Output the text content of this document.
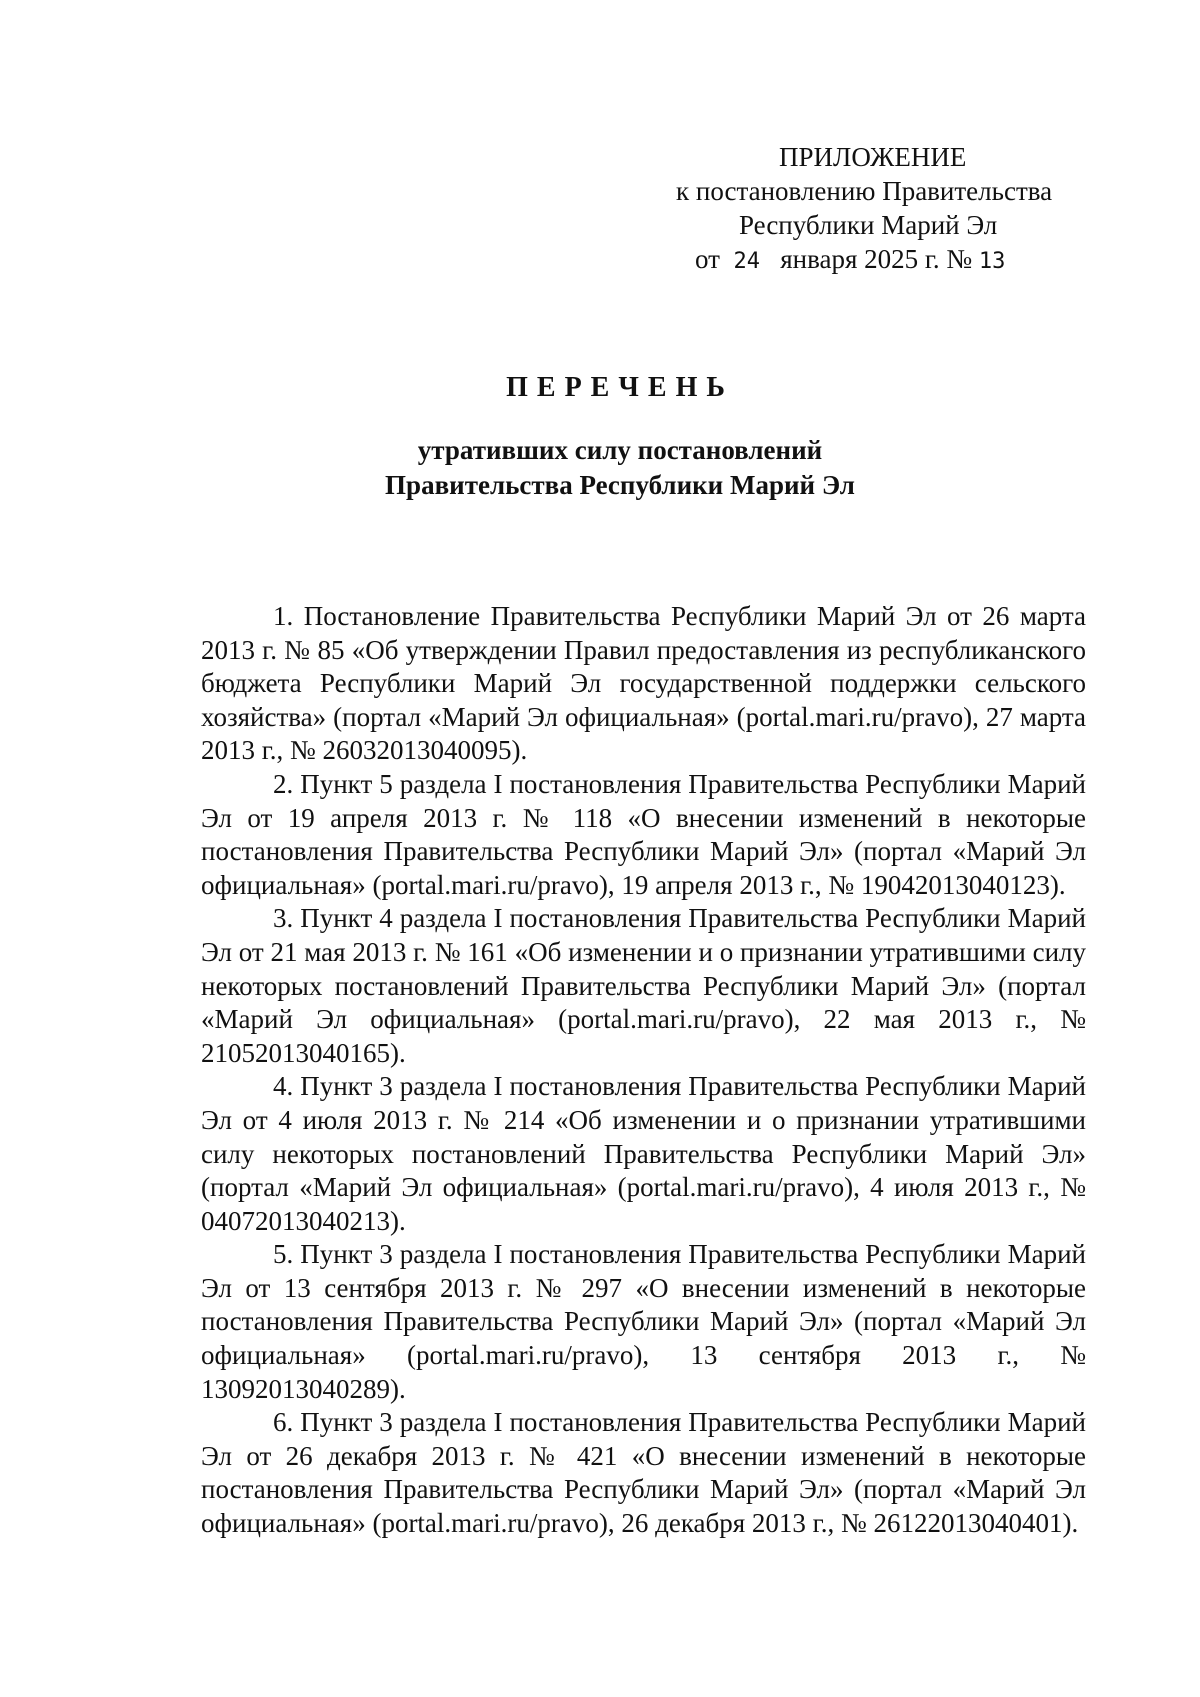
ПРИЛОЖЕНИЕ
к постановлению Правительства
Республики Марий Эл
от 24 января 2025 г. № 13
ПЕРЕЧЕНЬ
утративших силу постановлений
Правительства Республики Марий Эл

1. Постановление Правительства Республики Марий Эл от 26 марта 2013 г. № 85 «Об утверждении Правил предоставления из республиканского бюджета Республики Марий Эл государственной поддержки сельского хозяйства» (портал «Марий Эл официальная» (portal.mari.ru/pravo), 27 марта 2013 г., № 26032013040095).

2. Пункт 5 раздела I постановления Правительства Республики Марий Эл от 19 апреля 2013 г. № 118 «О внесении изменений в некоторые постановления Правительства Республики Марий Эл» (портал «Марий Эл официальная» (portal.mari.ru/pravo), 19 апреля 2013 г., № 19042013040123).

3. Пункт 4 раздела I постановления Правительства Республики Марий Эл от 21 мая 2013 г. № 161 «Об изменении и о признании утратившими силу некоторых постановлений Правительства Республики Марий Эл» (портал «Марий Эл официальная» (portal.mari.ru/pravo), 22 мая 2013 г., № 21052013040165).

4. Пункт 3 раздела I постановления Правительства Республики Марий Эл от 4 июля 2013 г. № 214 «Об изменении и о признании утратившими силу некоторых постановлений Правительства Республики Марий Эл» (портал «Марий Эл официальная» (portal.mari.ru/pravo), 4 июля 2013 г., № 04072013040213).

5. Пункт 3 раздела I постановления Правительства Республики Марий Эл от 13 сентября 2013 г. № 297 «О внесении изменений в некоторые постановления Правительства Республики Марий Эл» (портал «Марий Эл официальная» (portal.mari.ru/pravo), 13 сентября 2013 г., № 13092013040289).

6. Пункт 3 раздела I постановления Правительства Республики Марий Эл от 26 декабря 2013 г. № 421 «О внесении изменений в некоторые постановления Правительства Республики Марий Эл» (портал «Марий Эл официальная» (portal.mari.ru/pravo), 26 декабря 2013 г., № 26122013040401).
